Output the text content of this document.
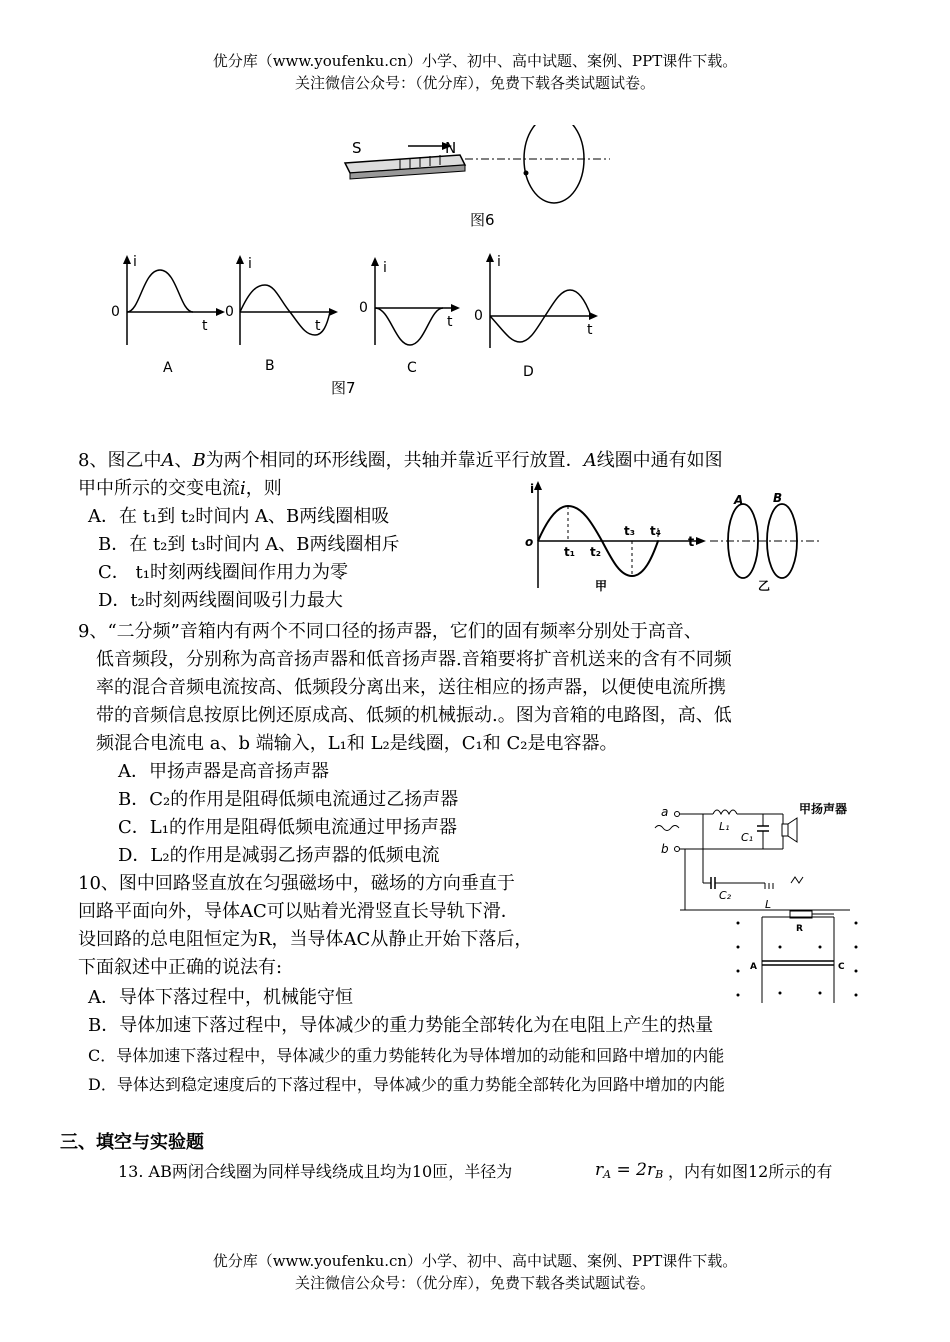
优分库（www.youfenku.cn）小学、初中、高中试题、案例、PPT课件下载。
关注微信公众号：（优分库），免费下载各类试题试卷。
S	N
图6
i
0
t
A
i
0
t
B
i
0
t
C
i
0
t
D
图7
8、图乙中A、B为两个相同的环形线圈，共轴并靠近平行放置．A线圈中通有如图
甲中所示的交变电流i，则
A．在 t₁到 t₂时间内 A、B两线圈相吸
B．在 t₂到 t₃时间内 A、B两线圈相斥
C． t₁时刻两线圈间作用力为零
D．t₂时刻两线圈间吸引力最大
i
o	t
t₁ t₂
t₃ t₄
甲
A B
乙
9、“二分频”音箱内有两个不同口径的扬声器，它们的固有频率分别处于高音、
低音频段，分别称为高音扬声器和低音扬声器.音箱要将扩音机送来的含有不同频
率的混合音频电流按高、低频段分离出来，送往相应的扬声器，以便使电流所携
带的音频信息按原比例还原成高、低频的机械振动.。图为音箱的电路图，高、低
频混合电流电 a、b 端输入，L₁和 L₂是线圈，C₁和 C₂是电容器。
A．甲扬声器是高音扬声器
B．C₂的作用是阻碍低频电流通过乙扬声器
C．L₁的作用是阻碍低频电流通过甲扬声器
D．L₂的作用是减弱乙扬声器的低频电流
a
b
L₁
C₁
甲扬声器
C₂
L
10、图中回路竖直放在匀强磁场中，磁场的方向垂直于
回路平面向外，导体AC可以贴着光滑竖直长导轨下滑．
设回路的总电阻恒定为R，当导体AC从静止开始下落后，
下面叙述中正确的说法有:
A．导体下落过程中，机械能守恒
B．导体加速下落过程中，导体减少的重力势能全部转化为在电阻上产生的热量
C．导体加速下落过程中，导体减少的重力势能转化为导体增加的动能和回路中增加的内能
D．导体达到稳定速度后的下落过程中，导体减少的重力势能全部转化为回路中增加的内能
R
A	C
三、填空与实验题
13. AB两闭合线圈为同样导线绕成且均为10匝，半径为	$r_A = 2r_B$ ，内有如图12所示的有
优分库（www.youfenku.cn）小学、初中、高中试题、案例、PPT课件下载。
关注微信公众号：（优分库），免费下载各类试题试卷。
